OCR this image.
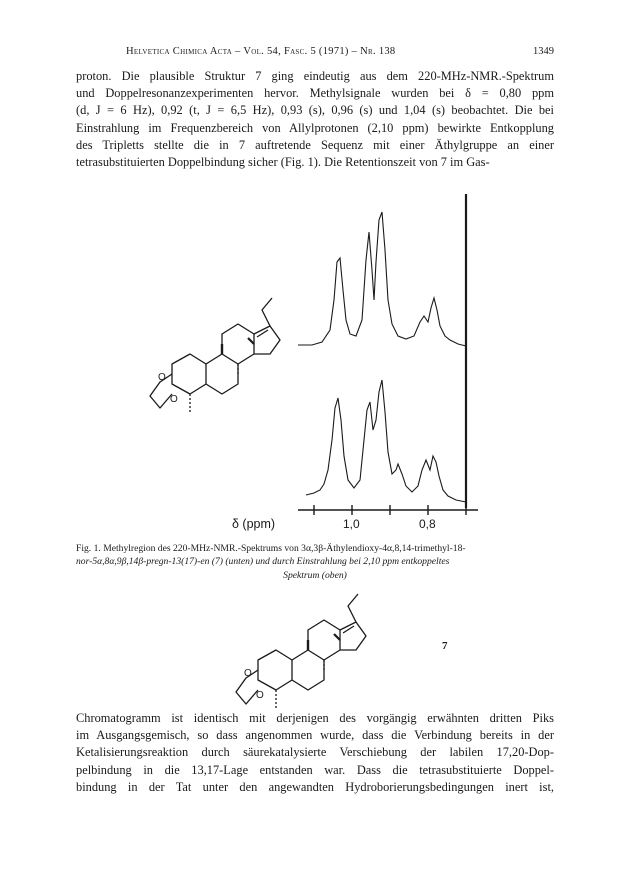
Helvetica Chimica Acta – Vol. 54, Fasc. 5 (1971) – Nr. 138	1349
proton. Die plausible Struktur 7 ging eindeutig aus dem 220-MHz-NMR.-Spektrum
und Doppelresonanzexperimenten hervor. Methylsignale wurden bei δ = 0,80 ppm
(d, J = 6 Hz), 0,92 (t, J = 6,5 Hz), 0,93 (s), 0,96 (s) und 1,04 (s) beobachtet. Die bei
Einstrahlung im Frequenzbereich von Allylprotonen (2,10 ppm) bewirkte Entkopplung
des Tripletts stellte die in 7 auftretende Sequenz mit einer Äthylgruppe an einer
tetrasubstituierten Doppelbindung sicher (Fig. 1). Die Retentionszeit von 7 im Gas-
O
O
δ (ppm)	1,0	0,8
O
O
Fig. 1. Methylregion des 220-MHz-NMR.-Spektrums von 3α,3β-Äthylendioxy-4α,8,14-trimethyl-18-
nor-5α,8α,9β,14β-pregn-13(17)-en (7) (unten) und durch Einstrahlung bei 2,10 ppm entkoppeltes
Spektrum (oben)
7
Chromatogramm ist identisch mit derjenigen des vorgängig erwähnten dritten Piks
im Ausgangsgemisch, so dass angenommen wurde, dass die Verbindung bereits in der
Ketalisierungsreaktion durch säurekatalysierte Verschiebung der labilen 17,20-Dop-
pelbindung in die 13,17-Lage entstanden war. Dass die tetrasubstituierte Doppel-
bindung in der Tat unter den angewandten Hydroborierungsbedingungen inert ist,
